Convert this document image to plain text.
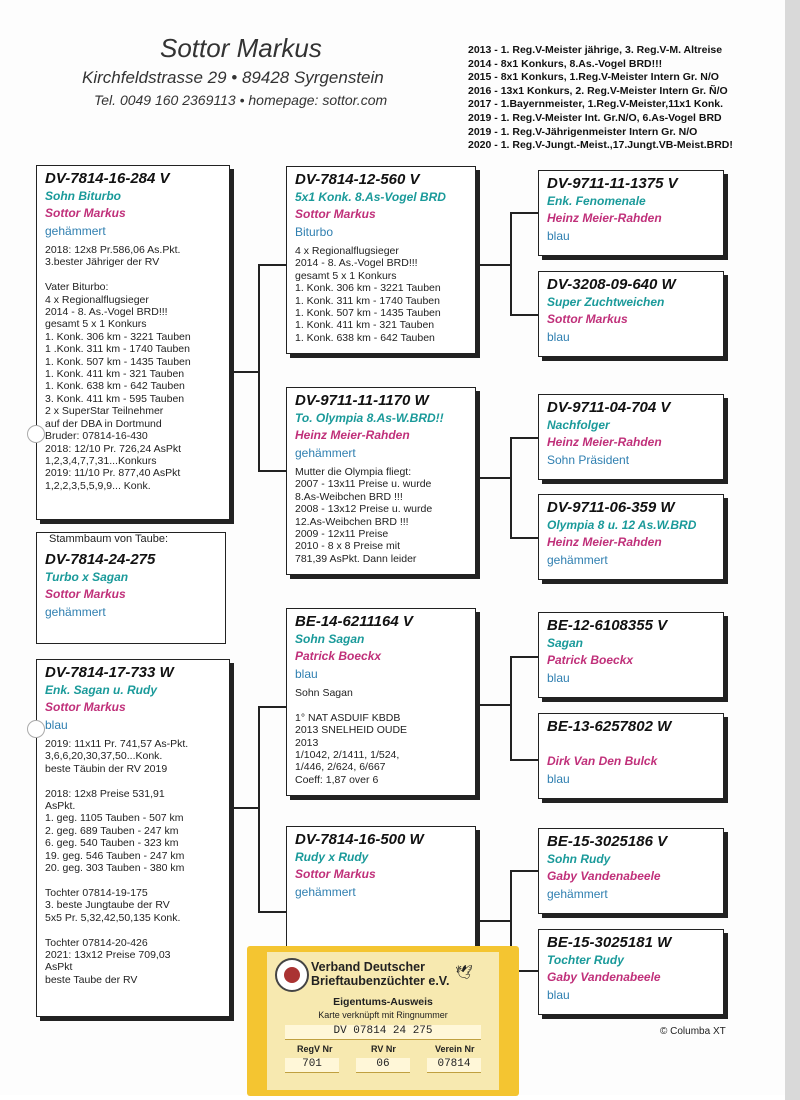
Sottor Markus
Kirchfeldstrasse 29 • 89428 Syrgenstein
Tel. 0049 160 2369113 • homepage: sottor.com
2013 - 1. Reg.V-Meister jährige, 3. Reg.V-M. Altreise
2014 - 8x1 Konkurs, 8.As.-Vogel BRD!!!
2015 - 8x1 Konkurs, 1.Reg.V-Meister Intern Gr. N/O
2016 - 13x1 Konkurs, 2. Reg.V-Meister Intern Gr. Ñ/O
2017 - 1.Bayernmeister, 1.Reg.V-Meister,11x1 Konk.
2019 - 1. Reg.V-Meister Int. Gr.N/O, 6.As-Vogel BRD
2019 - 1. Reg.V-Jährigenmeister Intern Gr. N/O
2020 - 1. Reg.V-Jungt.-Meist.,17.Jungt.VB-Meist.BRD!
DV-7814-16-284 V
Sohn Biturbo
Sottor Markus
gehämmert
2018: 12x8 Pr.586,06 As.Pkt.
3.bester Jähriger der RV

Vater Biturbo:
4 x Regionalflugsieger
2014 - 8. As.-Vogel BRD!!!
gesamt 5 x 1 Konkurs
1. Konk. 306 km - 3221 Tauben
1 .Konk. 311 km - 1740 Tauben
1. Konk. 507 km - 1435 Tauben
1. Konk. 411 km - 321 Tauben
1. Konk. 638 km - 642 Tauben
3. Konk. 411 km - 595 Tauben
2 x SuperStar Teilnehmer
auf der DBA in Dortmund
Bruder: 07814-16-430
2018: 12/10 Pr. 726,24 AsPkt
1,2,3,4,7,7,31...Konkurs
2019: 11/10 Pr. 877,40 AsPkt
1,2,2,3,5,5,9,9... Konk.
DV-7814-24-275
Turbo x Sagan
Sottor Markus
gehämmert
Stammbaum von Taube:
DV-7814-17-733 W
Enk. Sagan u. Rudy
Sottor Markus
blau
2019: 11x11 Pr. 741,57 As-Pkt.
3,6,6,20,30,37,50...Konk.
beste Täubin der RV 2019

2018: 12x8 Preise 531,91
AsPkt.
1. geg. 1105 Tauben - 507 km
2. geg. 689 Tauben - 247 km
6. geg. 540 Tauben - 323 km
19. geg. 546 Tauben - 247 km
20. geg. 303 Tauben - 380 km

Tochter 07814-19-175
3. beste Jungtaube der RV
5x5 Pr. 5,32,42,50,135 Konk.

Tochter 07814-20-426
2021: 13x12 Preise 709,03
AsPkt
beste Taube der RV
DV-7814-12-560 V
5x1 Konk. 8.As-Vogel BRD
Sottor Markus
Biturbo
4 x Regionalflugsieger
2014 - 8. As.-Vogel BRD!!!
gesamt 5 x 1 Konkurs
1. Konk. 306 km - 3221 Tauben
1. Konk. 311 km - 1740 Tauben
1. Konk. 507 km - 1435 Tauben
1. Konk. 411 km - 321 Tauben
1. Konk. 638 km - 642 Tauben
DV-9711-11-1170 W
To. Olympia 8.As-W.BRD!!
Heinz Meier-Rahden
gehämmert
Mutter die Olympia fliegt:
2007 - 13x11 Preise u. wurde
8.As-Weibchen BRD !!!
2008 - 13x12 Preise u. wurde
12.As-Weibchen BRD !!!
2009 - 12x11 Preise
2010 - 8 x 8 Preise mit
781,39 AsPkt. Dann leider
BE-14-6211164 V
Sohn Sagan
Patrick Boeckx
blau
Sohn Sagan

1° NAT ASDUIF KBDB
2013 SNELHEID OUDE
2013
1/1042, 2/1411, 1/524,
1/446, 2/624, 6/667
Coeff: 1,87 over 6
DV-7814-16-500 W
Rudy x Rudy
Sottor Markus
gehämmert
DV-9711-11-1375 V
Enk. Fenomenale
Heinz Meier-Rahden
blau
DV-3208-09-640 W
Super Zuchtweichen
Sottor Markus
blau
DV-9711-04-704 V
Nachfolger
Heinz Meier-Rahden
Sohn Präsident
DV-9711-06-359 W
Olympia 8 u. 12 As.W.BRD
Heinz Meier-Rahden
gehämmert
BE-12-6108355 V
Sagan
Patrick Boeckx
blau
BE-13-6257802 W
Dirk Van Den Bulck
blau
BE-15-3025186 V
Sohn Rudy
Gaby Vandenabeele
gehämmert
BE-15-3025181 W
Tochter Rudy
Gaby Vandenabeele
blau
Verband Deutscher
Brieftaubenzüchter e.V.
🕊
Eigentums-Ausweis
Karte verknüpft mit Ringnummer
DV 07814 24 275
RegV Nr	RV Nr	Verein Nr
701	06	07814
© Columba XT
